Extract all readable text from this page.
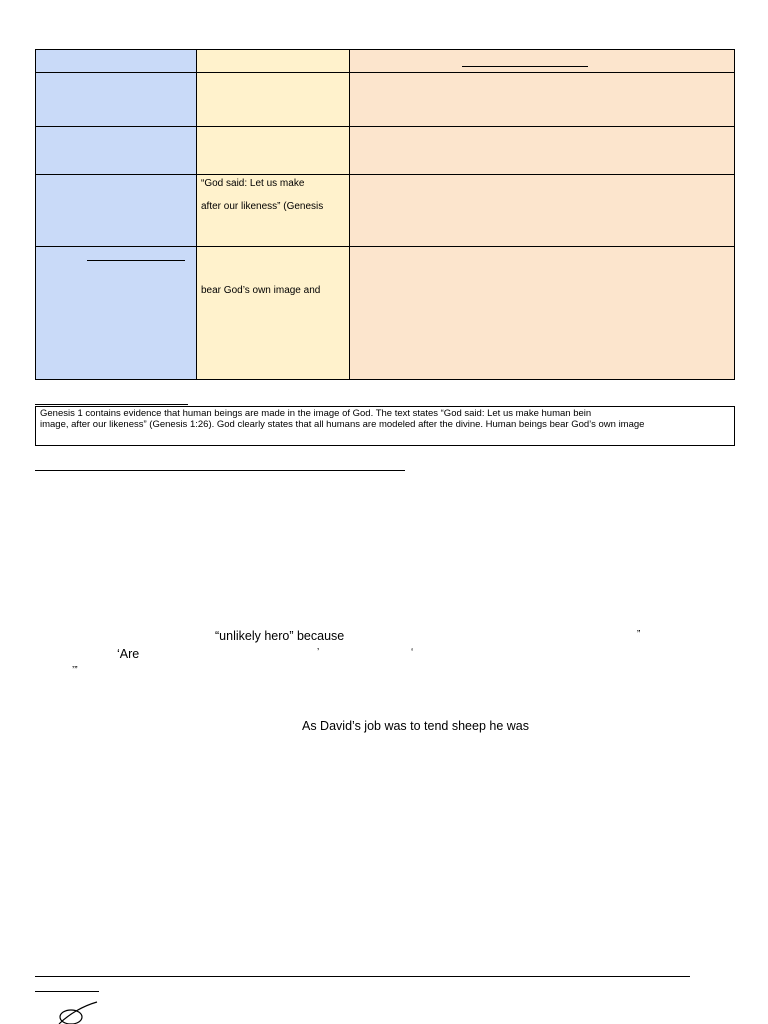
	“God said: Let us make
after our likeness” (Genesis	

	bear God’s own image and	

Genesis 1 contains evidence that human beings are made in the image of God. The text states “God said: Let us make human bein
image, after our likeness” (Genesis 1:26). God clearly states that all humans are modeled after the divine. Human beings bear God’s own image
“unlikely hero” because	”
‘Are	’	‘
’”
As David’s job was to tend sheep he was
